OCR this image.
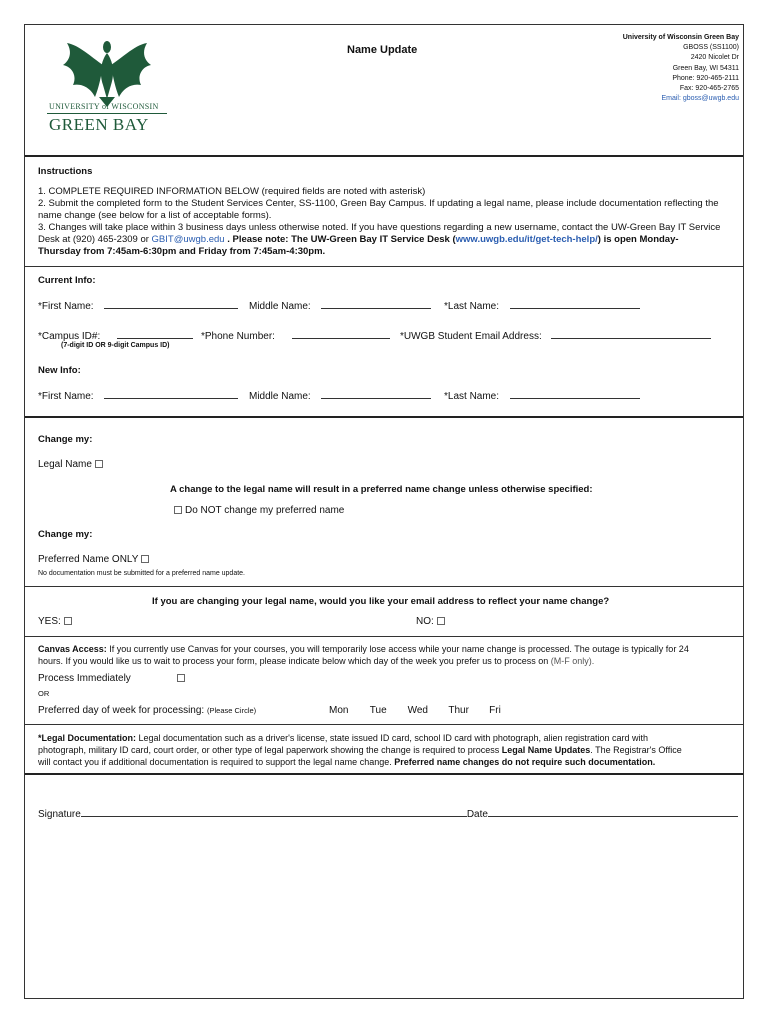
UNIVERSITY of WISCONSIN
GREEN BAY
Name Update
University of Wisconsin Green Bay
GBOSS (SS1100)
2420 Nicolet Dr
Green Bay, WI 54311
Phone: 920-465-2111
Fax: 920-465-2765
Email: gboss@uwgb.edu
Instructions
1. COMPLETE REQUIRED INFORMATION BELOW (required fields are noted with asterisk)
2. Submit the completed form to the Student Services Center, SS-1100, Green Bay Campus. If updating a legal name, please include documentation reflecting the
name change (see below for a list of acceptable forms).
3. Changes will take place within 3 business days unless otherwise noted. If you have questions regarding a new username, contact the UW-Green Bay IT Service
Desk at (920) 465-2309 or GBIT@uwgb.edu . Please note: The UW-Green Bay IT Service Desk (www.uwgb.edu/it/get-tech-help/) is open Monday-
Thursday from 7:45am-6:30pm and Friday from 7:45am-4:30pm.
Current Info:
*First Name:	Middle Name:	*Last Name:
*Campus ID#:
(7-digit ID OR 9-digit Campus ID)
*Phone Number:	*UWGB Student Email Address:
New Info:
*First Name:	Middle Name:	*Last Name:
Change my:
Legal Name
A change to the legal name will result in a preferred name change unless otherwise specified:
Do NOT change my preferred name
Change my:
Preferred Name ONLY
No documentation must be submitted for a preferred name update.
If you are changing your legal name, would you like your email address to reflect your name change?
YES:	NO:
Canvas Access: If you currently use Canvas for your courses, you will temporarily lose access while your name change is processed. The outage is typically for 24
hours. If you would like us to wait to process your form, please indicate below which day of the week you prefer us to process on (M-F only).
Process Immediately
OR
Preferred day of week for processing: (Please Circle)	Mon Tue Wed Thur Fri
*Legal Documentation: Legal documentation such as a driver's license, state issued ID card, school ID card with photograph, alien registration card with
photograph, military ID card, court order, or other type of legal paperwork showing the change is required to process Legal Name Updates. The Registrar's Office
will contact you if additional documentation is required to support the legal name change. Preferred name changes do not require such documentation.
Signature	Date
